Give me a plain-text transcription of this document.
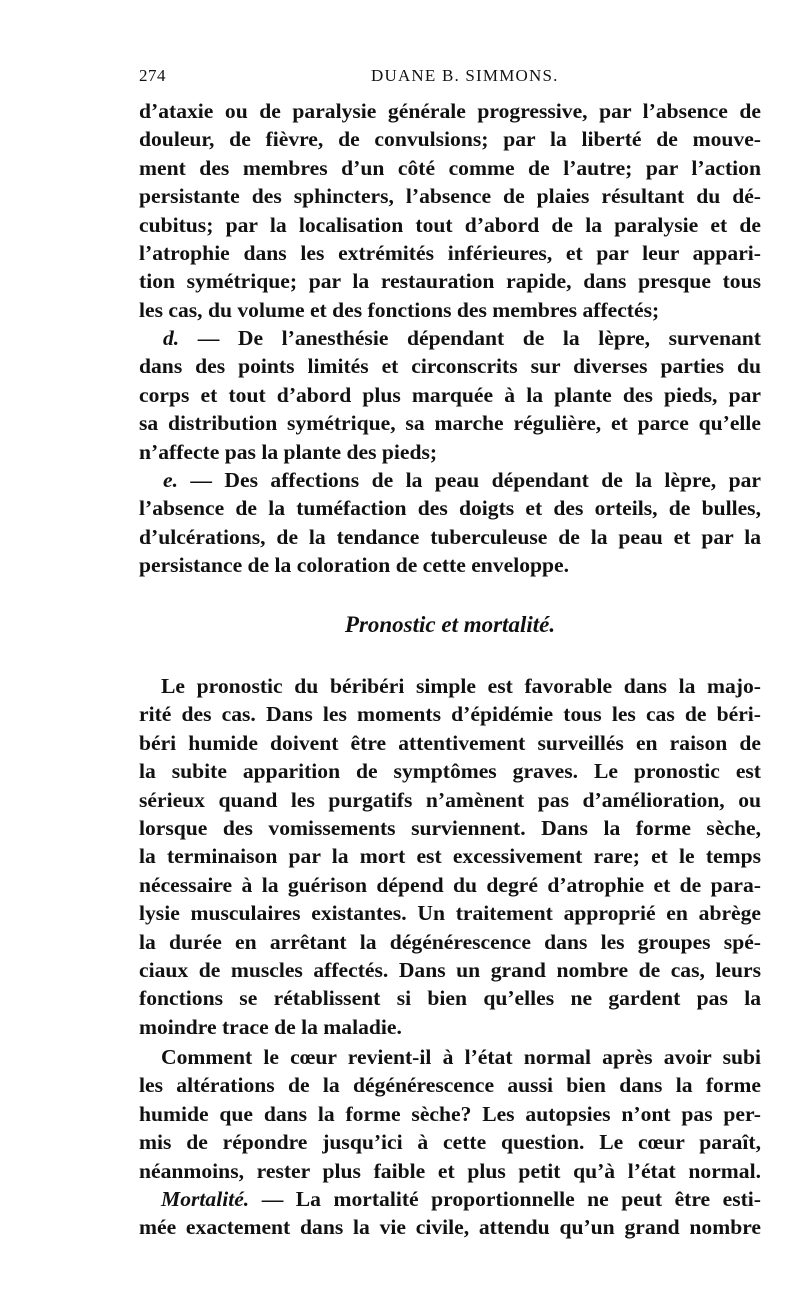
274	DUANE B. SIMMONS.
d’ataxie ou de paralysie générale progressive, par l’absence de
douleur, de fièvre, de convulsions; par la liberté de mouve-
ment des membres d’un côté comme de l’autre; par l’action
persistante des sphincters, l’absence de plaies résultant du dé-
cubitus; par la localisation tout d’abord de la paralysie et de
l’atrophie dans les extrémités inférieures, et par leur appari-
tion symétrique; par la restauration rapide, dans presque tous
les cas, du volume et des fonctions des membres affectés;
d. — De l’anesthésie dépendant de la lèpre, survenant
dans des points limités et circonscrits sur diverses parties du
corps et tout d’abord plus marquée à la plante des pieds, par
sa distribution symétrique, sa marche régulière, et parce qu’elle
n’affecte pas la plante des pieds;
e. — Des affections de la peau dépendant de la lèpre, par
l’absence de la tuméfaction des doigts et des orteils, de bulles,
d’ulcérations, de la tendance tuberculeuse de la peau et par la
persistance de la coloration de cette enveloppe.
Pronostic et mortalité.
Le pronostic du béribéri simple est favorable dans la majo-
rité des cas. Dans les moments d’épidémie tous les cas de béri-
béri humide doivent être attentivement surveillés en raison de
la subite apparition de symptômes graves. Le pronostic est
sérieux quand les purgatifs n’amènent pas d’amélioration, ou
lorsque des vomissements surviennent. Dans la forme sèche,
la terminaison par la mort est excessivement rare; et le temps
nécessaire à la guérison dépend du degré d’atrophie et de para-
lysie musculaires existantes. Un traitement approprié en abrège
la durée en arrêtant la dégénérescence dans les groupes spé-
ciaux de muscles affectés. Dans un grand nombre de cas, leurs
fonctions se rétablissent si bien qu’elles ne gardent pas la
moindre trace de la maladie.
Comment le cœur revient-il à l’état normal après avoir subi
les altérations de la dégénérescence aussi bien dans la forme
humide que dans la forme sèche? Les autopsies n’ont pas per-
mis de répondre jusqu’ici à cette question. Le cœur paraît,
néanmoins, rester plus faible et plus petit qu’à l’état normal.
Mortalité. — La mortalité proportionnelle ne peut être esti-
mée exactement dans la vie civile, attendu qu’un grand nombre
